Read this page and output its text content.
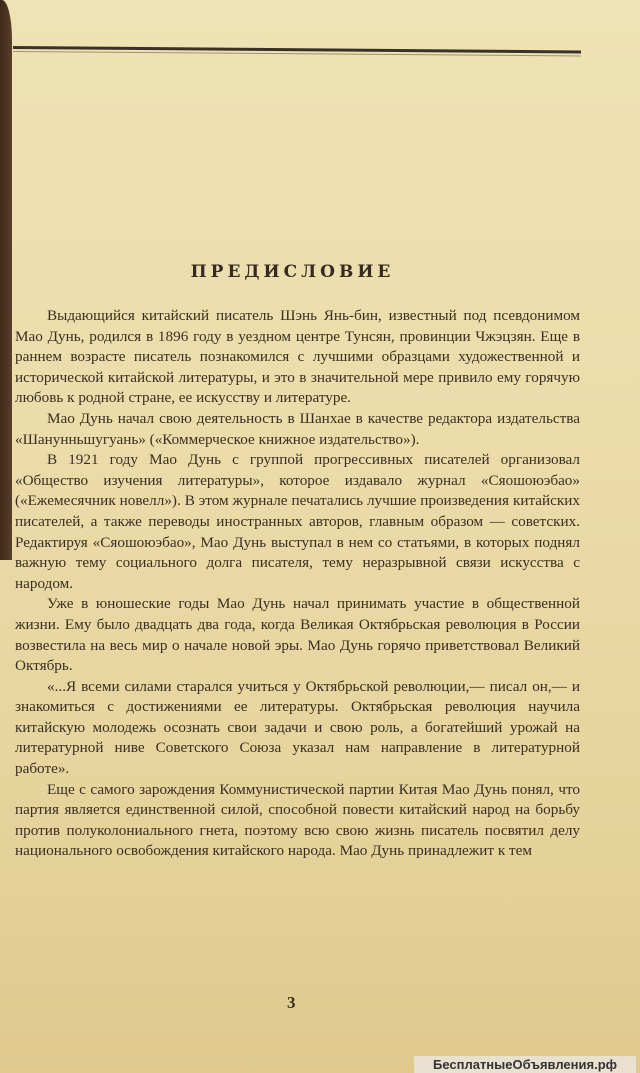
ПРЕДИСЛОВИЕ

Выдающийся китайский писатель Шэнь Янь-бин, известный под псевдонимом Мао Дунь, родился в 1896 году в уездном центре Тунсян, провинции Чжэцзян. Еще в раннем возрасте писатель познакомился с лучшими образцами художественной и исторической китайской литературы, и это в значительной мере привило ему горячую любовь к родной стране, ее искусству и литературе.

Мао Дунь начал свою деятельность в Шанхае в качестве редактора издательства «Шанунньшугуань» («Коммерческое книжное издательство»).

В 1921 году Мао Дунь с группой прогрессивных писателей организовал «Общество изучения литературы», которое издавало журнал «Сяошоюэбао» («Ежемесячник новелл»). В этом журнале печатались лучшие произведения китайских писателей, а также переводы иностранных авторов, главным образом — советских. Редактируя «Сяошоюэбао», Мао Дунь выступал в нем со статьями, в которых поднял важную тему социального долга писателя, тему неразрывной связи искусства с народом.

Уже в юношеские годы Мао Дунь начал принимать участие в общественной жизни. Ему было двадцать два года, когда Великая Октябрьская революция в России возвестила на весь мир о начале новой эры. Мао Дунь горячо приветствовал Великий Октябрь.

«...Я всеми силами старался учиться у Октябрьской революции,— писал он,— и знакомиться с достижениями ее литературы. Октябрьская революция научила китайскую молодежь осознать свои задачи и свою роль, а богатейший урожай на литературной ниве Советского Союза указал нам направление в литературной работе».

Еще с самого зарождения Коммунистической партии Китая Мао Дунь понял, что партия является единственной силой, способной повести китайский народ на борьбу против полуколониального гнета, поэтому всю свою жизнь писатель посвятил делу национального освобождения китайского народа. Мао Дунь принадлежит к тем

3
БесплатныеОбъявления.рф
